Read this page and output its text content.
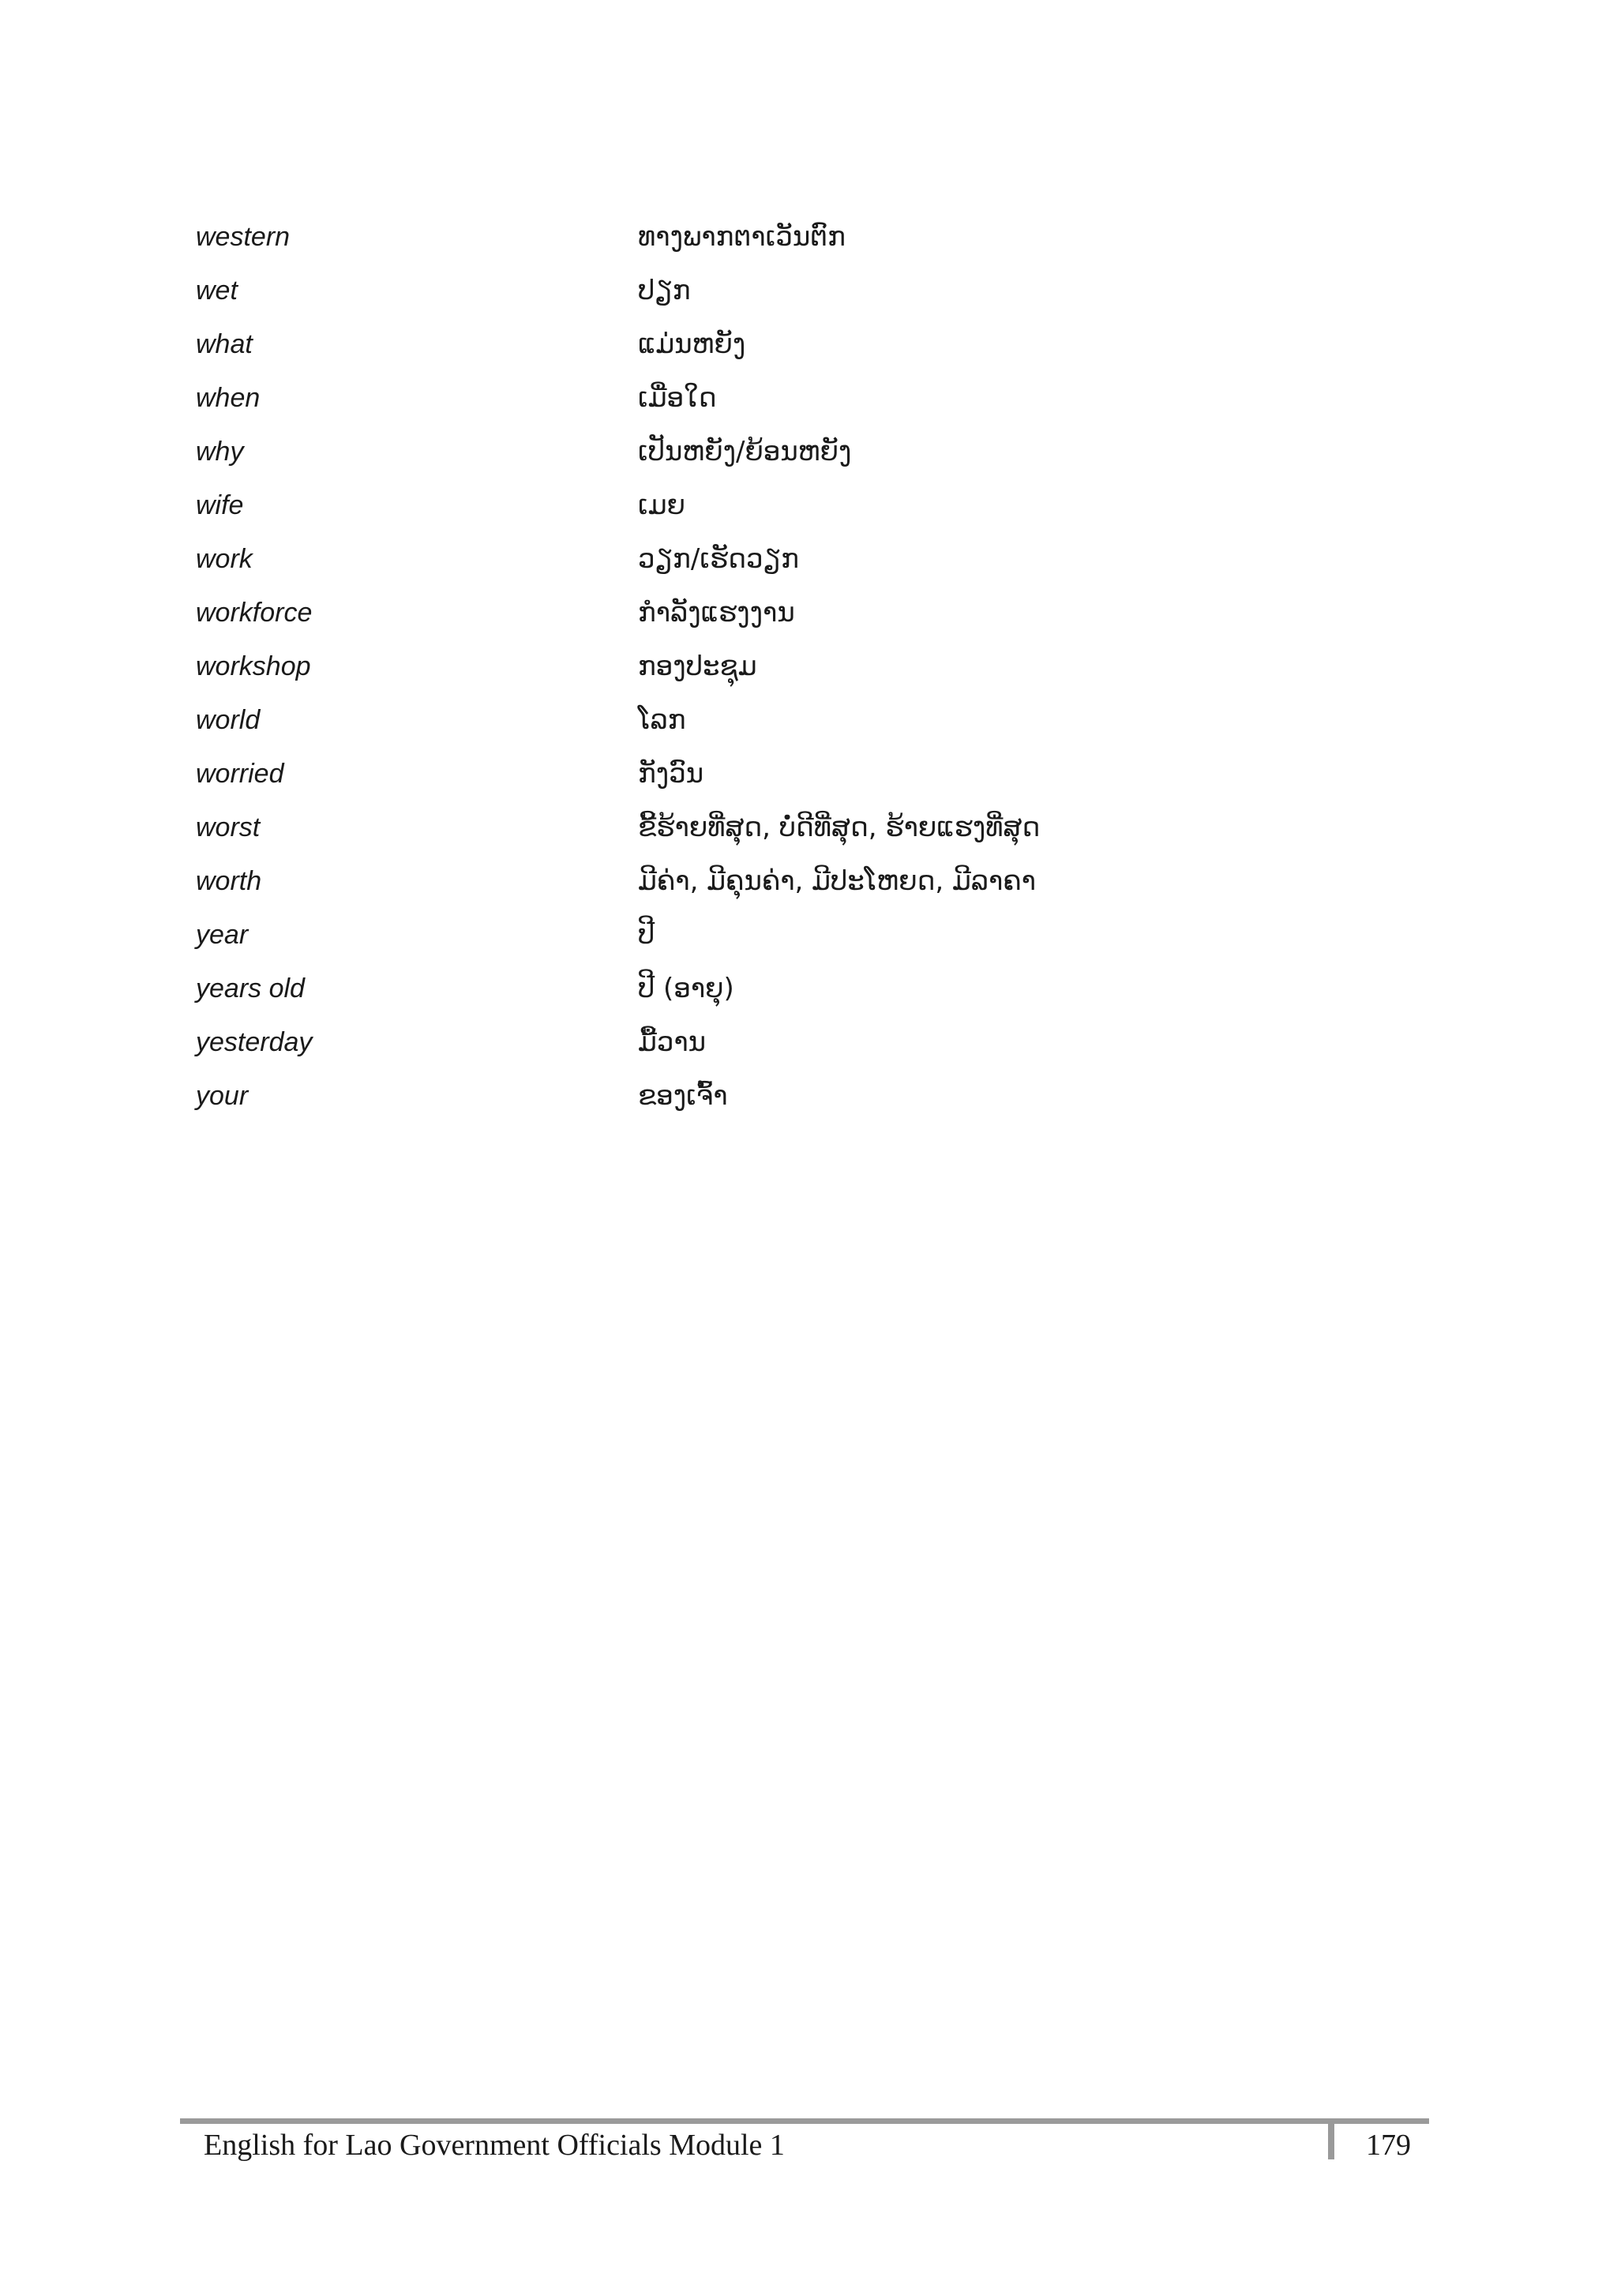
western	ທາງພາກຕາເວັນຕົກ
wet	ປຽກ
what	ແມ່ນຫຍັງ
when	ເມື່ອໃດ
why	ເປັນຫຍັງ/ຍ້ອນຫຍັງ
wife	ເມຍ
work	ວຽກ/ເຮັດວຽກ
workforce	ກຳລັງແຮງງານ
workshop	ກອງປະຊຸມ
world	ໂລກ
worried	ກັງວົນ
worst	ຂີ້ຮ້າຍທີ່ສຸດ, ບໍ່ດີທີ່ສຸດ, ຮ້າຍແຮງທີ່ສຸດ
worth	ມີຄ່າ, ມີຄຸນຄ່າ, ມີປະໂຫຍດ, ມີລາຄາ
year	ປີ
years old	ປີ (ອາຍຸ)
yesterday	ມື້ວານ
your	ຂອງເຈົ້າ
English for Lao Government Officials Module 1	179
